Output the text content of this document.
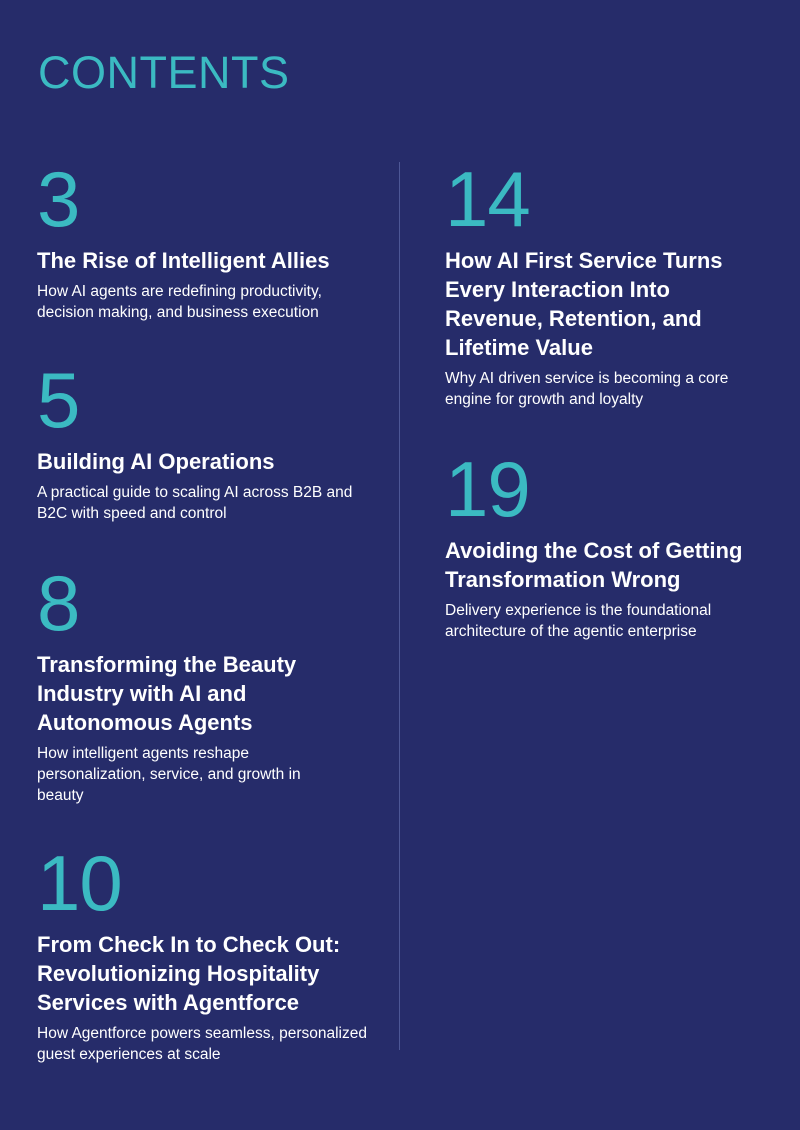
CONTENTS
3
The Rise of Intelligent Allies
How AI agents are redefining productivity, decision making, and business execution
5
Building AI Operations
A practical guide to scaling AI across B2B and B2C with speed and control
8
Transforming the Beauty Industry with AI and Autonomous Agents
How intelligent agents reshape personalization, service, and growth in beauty
10
From Check In to Check Out: Revolutionizing Hospitality Services with Agentforce
How Agentforce powers seamless, personalized guest experiences at scale
14
How AI First Service Turns Every Interaction Into Revenue, Retention, and Lifetime Value
Why AI driven service is becoming a core engine for growth and loyalty
19
Avoiding the Cost of Getting Transformation Wrong
Delivery experience is the foundational architecture of the agentic enterprise
